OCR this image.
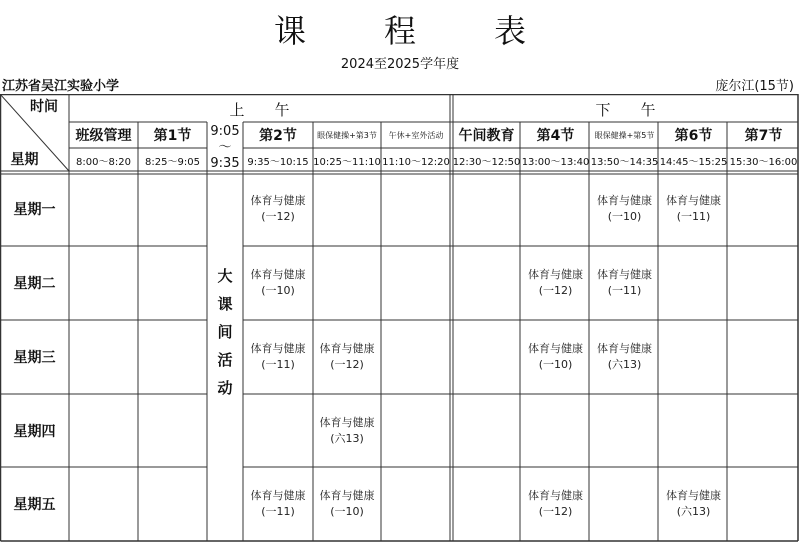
课程表
2024至2025学年度
江苏省吴江实验小学	庞尔江(15节)
时间
星期
上午	下午
9:05
～
9:35
大
课
间
活
动
班级管理
8:00～8:20
第1节
8:25～9:05
第2节
9:35～10:15
眼保健操+第3节
10:25～11:10
午休+室外活动
11:10～12:20
午间教育
12:30～12:50
第4节
13:00～13:40
眼保健操+第5节
13:50～14:35
第6节
14:45～15:25
第7节
15:30～16:00
星期一
体育与健康
(一12)
体育与健康
(一10)
体育与健康
(一11)
星期二
体育与健康
(一10)
体育与健康
(一12)
体育与健康
(一11)
星期三
体育与健康
(一11)
体育与健康
(一12)
体育与健康
(一10)
体育与健康
(六13)
星期四
体育与健康
(六13)
星期五
体育与健康
(一11)
体育与健康
(一10)
体育与健康
(一12)
体育与健康
(六13)
